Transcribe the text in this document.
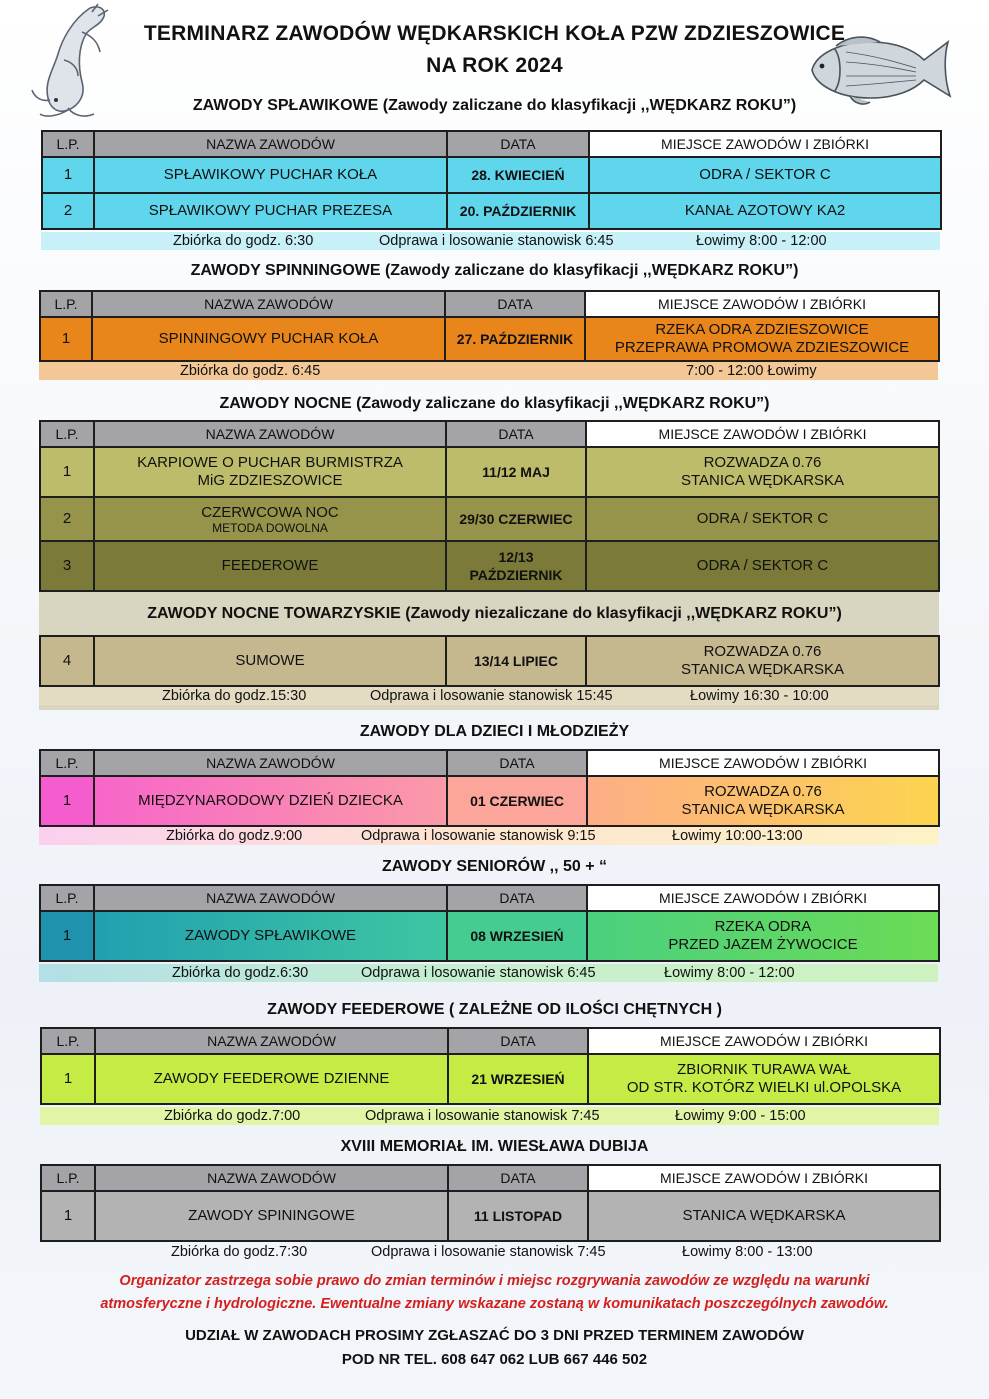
TERMINARZ ZAWODÓW WĘDKARSKICH KOŁA PZW ZDZIESZOWICE
NA ROK 2024
ZAWODY SPŁAWIKOWE (Zawody zaliczane do klasyfikacji ,,WĘDKARZ ROKU”)
L.P.	NAZWA ZAWODÓW	DATA	MIEJSCE ZAWODÓW I ZBIÓRKI
1	SPŁAWIKOWY PUCHAR KOŁA	28. KWIECIEŃ	ODRA / SEKTOR C
2	SPŁAWIKOWY PUCHAR PREZESA	20. PAŹDZIERNIK	KANAŁ AZOTOWY KA2
Zbiórka do godz. 6:30	Odprawa i losowanie stanowisk 6:45	Łowimy 8:00 - 12:00
ZAWODY SPINNINGOWE (Zawody zaliczane do klasyfikacji ,,WĘDKARZ ROKU”)
L.P.	NAZWA ZAWODÓW	DATA	MIEJSCE ZAWODÓW I ZBIÓRKI
1	SPINNINGOWY PUCHAR KOŁA	27. PAŹDZIERNIK	RZEKA ODRA ZDZIESZOWICE
PRZEPRAWA PROMOWA ZDZIESZOWICE
Zbiórka do godz. 6:45	7:00 - 12:00 Łowimy
ZAWODY NOCNE (Zawody zaliczane do klasyfikacji ,,WĘDKARZ ROKU”)
L.P.	NAZWA ZAWODÓW	DATA	MIEJSCE ZAWODÓW I ZBIÓRKI
1	KARPIOWE O PUCHAR BURMISTRZA
MiG ZDZIESZOWICE	11/12 MAJ	ROZWADZA 0.76
STANICA WĘDKARSKA

2	CZERWCOWA NOC
METODA DOWOLNA	29/30 CZERWIEC	ODRA / SEKTOR C
3	FEEDEROWE	12/13
PAŹDZIERNIK	ODRA / SEKTOR C
ZAWODY NOCNE TOWARZYSKIE (Zawody niezaliczane do klasyfikacji ,,WĘDKARZ ROKU”)
4	SUMOWE	13/14 LIPIEC	
ROZWADZA 0.76
STANICA WĘDKARSKA
Zbiórka do godz.15:30	Odprawa i losowanie stanowisk 15:45	Łowimy 16:30 - 10:00
ZAWODY DLA DZIECI I MŁODZIEŻY
L.P.	NAZWA ZAWODÓW	DATA	MIEJSCE ZAWODÓW I ZBIÓRKI
1	MIĘDZYNARODOWY DZIEŃ DZIECKA	01 CZERWIEC	ROZWADZA 0.76
STANICA WĘDKARSKA
Zbiórka do godz.9:00	Odprawa i losowanie stanowisk 9:15	Łowimy 10:00-13:00
ZAWODY SENIORÓW ,, 50 + “
L.P.	NAZWA ZAWODÓW	DATA	MIEJSCE ZAWODÓW I ZBIÓRKI
1	ZAWODY SPŁAWIKOWE	08 WRZESIEŃ	RZEKA ODRA
PRZED JAZEM ŻYWOCICE
Zbiórka do godz.6:30	Odprawa i losowanie stanowisk 6:45	Łowimy 8:00 - 12:00
ZAWODY FEEDEROWE ( ZALEŻNE OD ILOŚCI CHĘTNYCH )
L.P.	NAZWA ZAWODÓW	DATA	MIEJSCE ZAWODÓW I ZBIÓRKI
1	ZAWODY FEEDEROWE DZIENNE	21 WRZESIEŃ	ZBIORNIK TURAWA WAŁ
OD STR. KOTÓRZ WIELKI ul.OPOLSKA
Zbiórka do godz.7:00	Odprawa i losowanie stanowisk 7:45	Łowimy 9:00 - 15:00
XVIII MEMORIAŁ IM. WIESŁAWA DUBIJA
L.P.	NAZWA ZAWODÓW	DATA	MIEJSCE ZAWODÓW I ZBIÓRKI
1	ZAWODY SPININGOWE	11 LISTOPAD	STANICA WĘDKARSKA
Zbiórka do godz.7:30	Odprawa i losowanie stanowisk 7:45	Łowimy 8:00 - 13:00
Organizator zastrzega sobie prawo do zmian terminów i miejsc rozgrywania zawodów ze względu na warunki
atmosferyczne i hydrologiczne. Ewentualne zmiany wskazane zostaną w komunikatach poszczególnych zawodów.
UDZIAŁ W ZAWODACH PROSIMY ZGŁASZAĆ DO 3 DNI PRZED TERMINEM ZAWODÓW
POD NR TEL. 608 647 062 LUB 667 446 502
